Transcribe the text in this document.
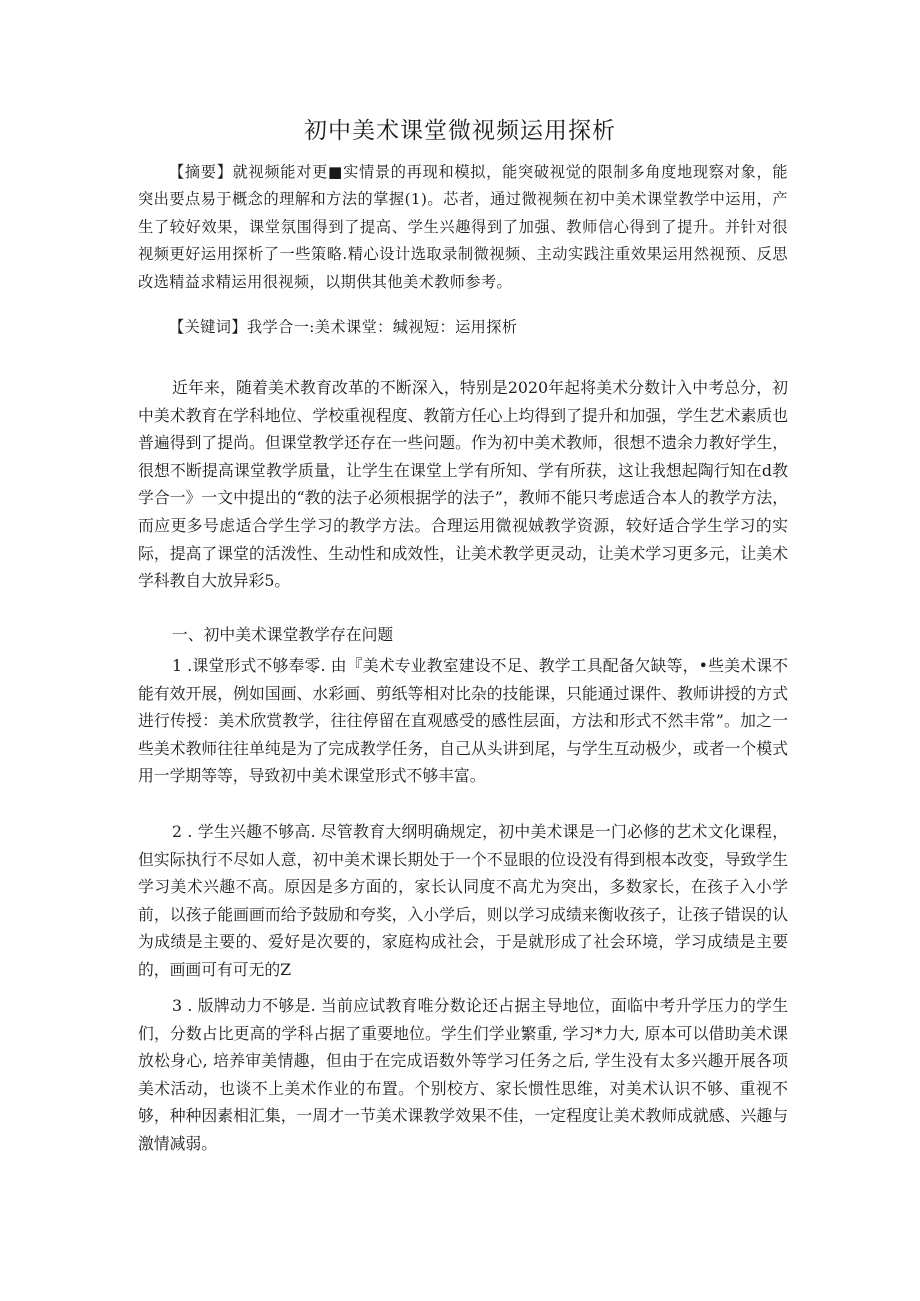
初中美术课堂微视频运用探析

【摘要】就视频能对更■实情景的再现和模拟，能突破视觉的限制多角度地现察对象，能突出要点易于概念的理解和方法的掌握(1)。芯者，通过微视频在初中美术课堂教学中运用，产生了较好效果，课堂氛围得到了提高、学生兴趣得到了加强、教师信心得到了提升。并针对很视频更好运用探析了一些策略.精心设计选取录制微视频、主动实践注重效果运用然视预、反思改选精益求精运用很视频，以期供其他美术教师参考。

【关键词】我学合一:美术课堂：缄视短：运用探析

近年来，随着美术教育改革的不断深入，特别是2020年起将美术分数计入中考总分，初中美术教育在学科地位、学校重视程度、教箭方任心上均得到了提升和加强，学生艺术素质也普遍得到了提尚。但课堂教学还存在一些问题。作为初中美术教师，很想不遗余力教好学生，很想不断提高课堂教学质量，让学生在课堂上学有所知、学有所获，这让我想起陶行知在d教学合一》一文中提出的“教的法子必须根据学的法子”，教师不能只考虑适合本人的教学方法，而应更多号虑适合学生学习的教学方法。合理运用微视娀教学资源，较好适合学生学习的实际，提高了课堂的活泼性、生动性和成效性，让美术教学更灵动，让美术学习更多元，让美术学科教自大放异彩5。

一、初中美术课堂教学存在问题

1 .课堂形式不够奉零. 由『美术专业教室建设不足、教学工具配备欠缺等，•些美术课不能有效开展，例如国画、水彩画、剪纸等相对比杂的技能课，只能通过课件、教师讲授的方式进行传授：美术欣赏教学，往往停留在直观感受的感性层面，方法和形式不然丰常”。加之一些美术教师往往单纯是为了完成教学任务，自己从头讲到尾，与学生互动极少，或者一个模式用一学期等等，导致初中美术课堂形式不够丰富。

2 . 学生兴趣不够高. 尽管教育大纲明确规定，初中美术课是一门必修的艺术文化课程，但实际执行不尽如人意，初中美术课长期处于一个不显眼的位设没有得到根本改变，导致学生学习美术兴趣不高。原因是多方面的，家长认同度不高尤为突出，多数家长，在孩子入小学前，以孩子能画画而给予鼓励和夸奖，入小学后，则以学习成绩来衡收孩子，让孩子错误的认为成绩是主要的、爱好是次要的，家庭构成社会，于是就形成了社会环境，学习成绩是主要的，画画可有可无的Z

3 . 版牌动力不够是. 当前应试教育唯分数论还占据主导地位，面临中考升学压力的学生们，分数占比更高的学科占据了重要地位。学生们学业繁重, 学习*力大, 原本可以借助美术课放松身心, 培养审美情趣，但由于在完成语数外等学习任务之后, 学生没有太多兴趣开展各项美术活动，也谈不上美术作业的布置。个别校方、家长惯性思维，对美术认识不够、重视不够，种种因素相汇集，一周才一节美术课教学效果不佳，一定程度让美术教师成就感、兴趣与激情减弱。
